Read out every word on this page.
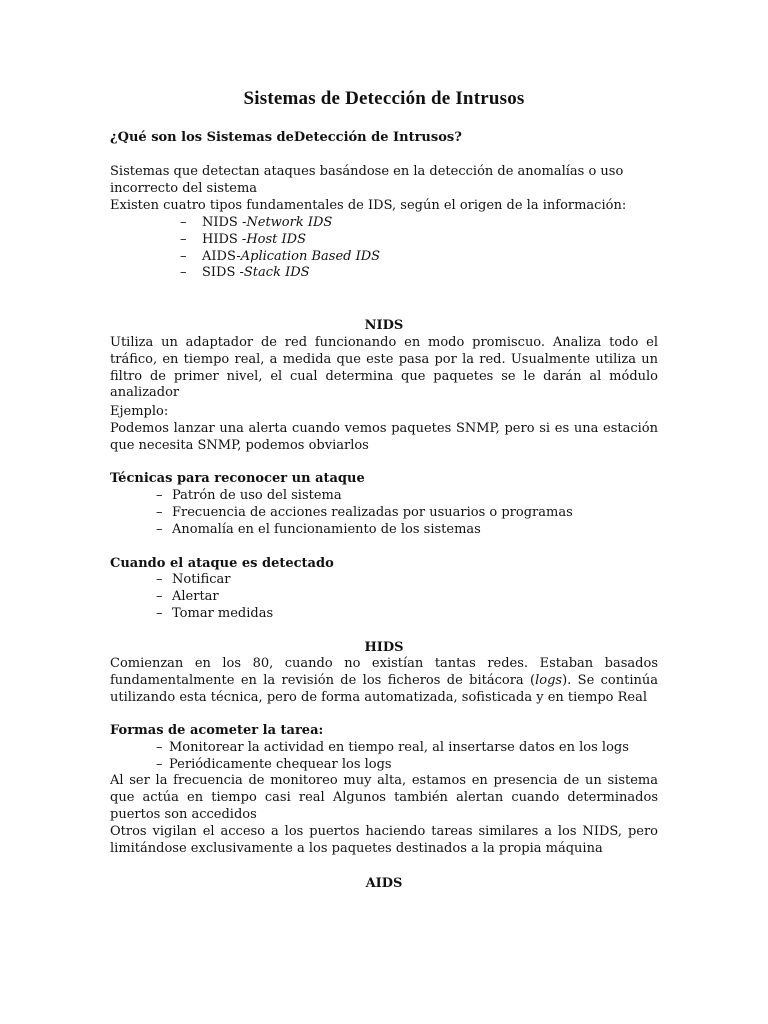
Sistemas de Detección de Intrusos
¿Qué son los Sistemas deDetección de Intrusos?
Sistemas que detectan ataques basándose en la detección de anomalías o uso incorrecto del sistema
Existen cuatro tipos fundamentales de IDS, según el origen de la información:
–	NIDS - Network IDS
–	HIDS - Host IDS
–	AIDS- Aplication Based IDS
–	SIDS - Stack IDS
NIDS
Utiliza un adaptador de red funcionando en modo promiscuo. Analiza todo el tráfico, en tiempo real, a medida que este pasa por la red. Usualmente utiliza un filtro de primer nivel, el cual determina que paquetes se le darán al módulo analizador
Ejemplo:
Podemos lanzar una alerta cuando vemos paquetes SNMP, pero si es una estación que necesita SNMP, podemos obviarlos
Técnicas para reconocer un ataque
– Patrón de uso del sistema
– Frecuencia de acciones realizadas por usuarios o programas
– Anomalía en el funcionamiento de los sistemas
Cuando el ataque es detectado
– Notificar
– Alertar
– Tomar medidas
HIDS
Comienzan en los 80, cuando no existían tantas redes. Estaban basados fundamentalmente en la revisión de los ficheros de bitácora (logs). Se continúa utilizando esta técnica, pero de forma automatizada, sofisticada y en tiempo Real
Formas de acometer la tarea:
– Monitorear la actividad en tiempo real, al insertarse datos en los logs
– Periódicamente chequear los logs
Al ser la frecuencia de monitoreo muy alta, estamos en presencia de un sistema que actúa en tiempo casi real Algunos también alertan cuando determinados puertos son accedidos
Otros vigilan el acceso a los puertos haciendo tareas similares a los NIDS, pero limitándose exclusivamente a los paquetes destinados a la propia máquina
AIDS
